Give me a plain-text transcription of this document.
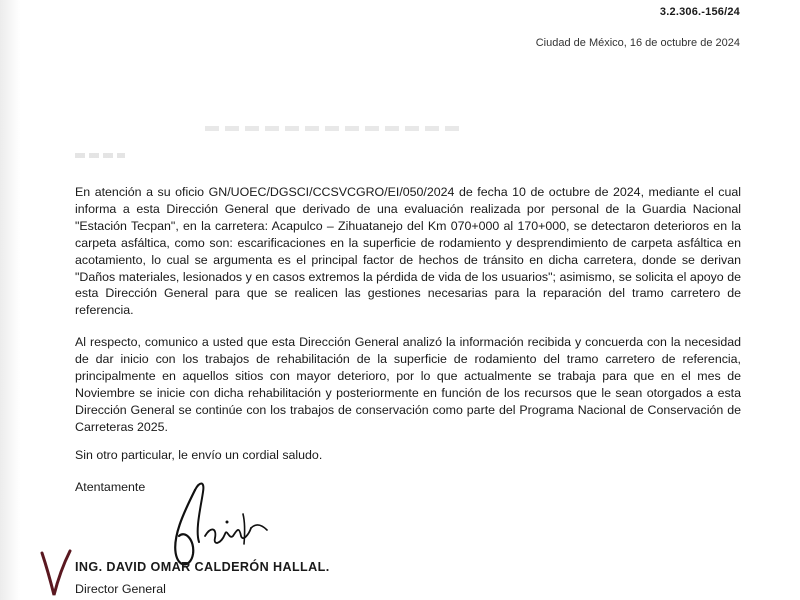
3.2.306.-156/24
Ciudad de México, 16 de octubre de 2024

En atención a su oficio GN/UOEC/DGSCI/CCSVCGRO/EI/050/2024 de fecha 10 de octubre de 2024, mediante el cual informa a esta Dirección General que derivado de una evaluación realizada por personal de la Guardia Nacional "Estación Tecpan", en la carretera: Acapulco – Zihuatanejo del Km 070+000 al 170+000, se detectaron deterioros en la carpeta asfáltica, como son: escarificaciones en la superficie de rodamiento y desprendimiento de carpeta asfáltica en acotamiento, lo cual se argumenta es el principal factor de hechos de tránsito en dicha carretera, donde se derivan "Daños materiales, lesionados y en casos extremos la pérdida de vida de los usuarios"; asimismo, se solicita el apoyo de esta Dirección General para que se realicen las gestiones necesarias para la reparación del tramo carretero de referencia.

Al respecto, comunico a usted que esta Dirección General analizó la información recibida y concuerda con la necesidad de dar inicio con los trabajos de rehabilitación de la superficie de rodamiento del tramo carretero de referencia, principalmente en aquellos sitios con mayor deterioro, por lo que actualmente se trabaja para que en el mes de Noviembre se inicie con dicha rehabilitación y posteriormente en función de los recursos que le sean otorgados a esta Dirección General se continúe con los trabajos de conservación como parte del Programa Nacional de Conservación de Carreteras 2025.

Sin otro particular, le envío un cordial saludo.
Atentamente
ING. DAVID OMAR CALDERÓN HALLAL.
Director General
